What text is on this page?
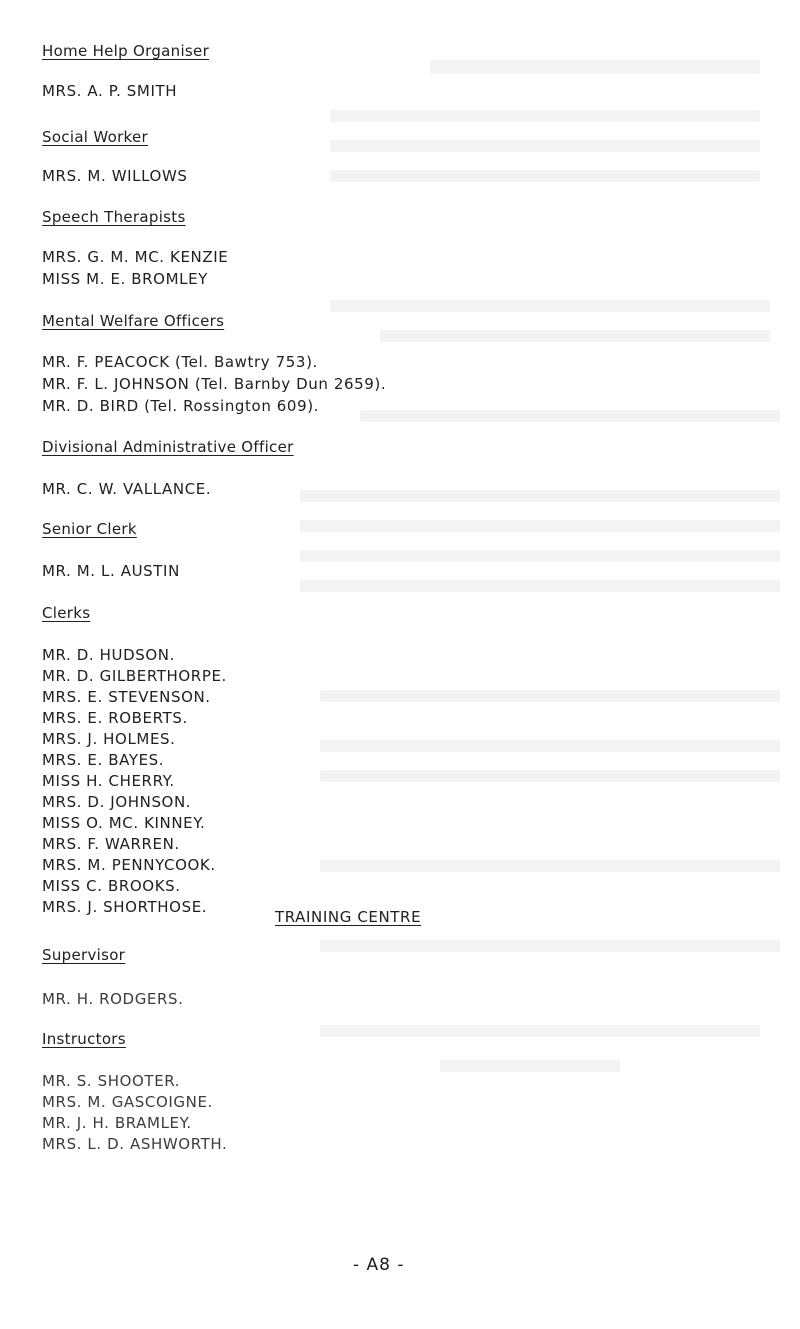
Home Help Organiser
MRS. A. P. SMITH
Social Worker
MRS. M. WILLOWS
Speech Therapists
MRS. G. M. MC. KENZIE
MISS M. E. BROMLEY
Mental Welfare Officers
MR. F. PEACOCK (Tel. Bawtry 753).
MR. F. L. JOHNSON (Tel. Barnby Dun 2659).
MR. D. BIRD (Tel. Rossington 609).
Divisional Administrative Officer
MR. C. W. VALLANCE.
Senior Clerk
MR. M. L. AUSTIN
Clerks
MR. D. HUDSON.
MR. D. GILBERTHORPE.
MRS. E. STEVENSON.
MRS. E. ROBERTS.
MRS. J. HOLMES.
MRS. E. BAYES.
MISS H. CHERRY.
MRS. D. JOHNSON.
MISS O. MC. KINNEY.
MRS. F. WARREN.
MRS. M. PENNYCOOK.
MISS C. BROOKS.
MRS. J. SHORTHOSE.
TRAINING CENTRE
Supervisor
MR. H. RODGERS.
Instructors
MR. S. SHOOTER.
MRS. M. GASCOIGNE.
MR. J. H. BRAMLEY.
MRS. L. D. ASHWORTH.
- A8 -
